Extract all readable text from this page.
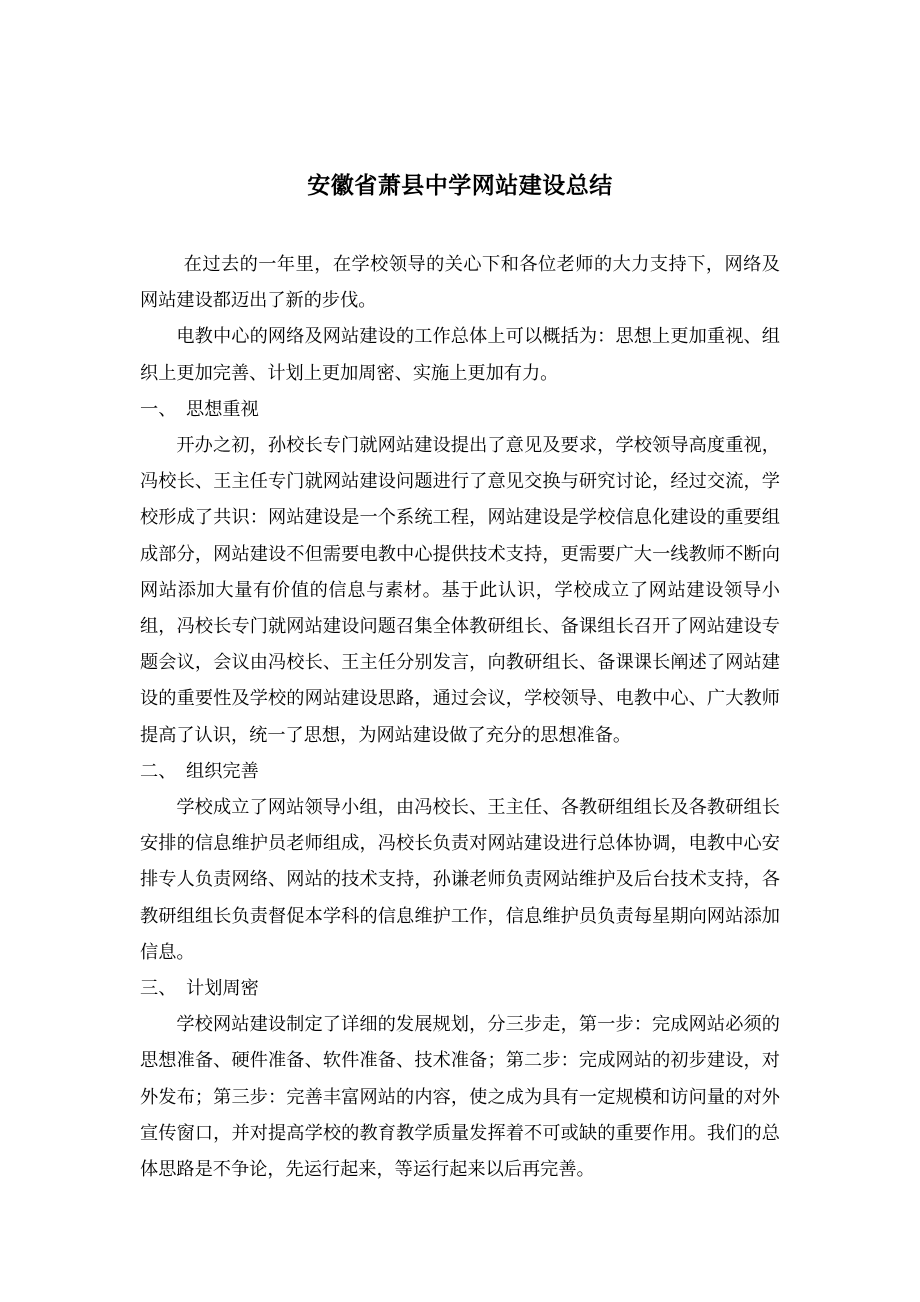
安徽省萧县中学网站建设总结

在过去的一年里，在学校领导的关心下和各位老师的大力支持下，网络及网站建设都迈出了新的步伐。

电教中心的网络及网站建设的工作总体上可以概括为：思想上更加重视、组织上更加完善、计划上更加周密、实施上更加有力。

一、 思想重视

开办之初，孙校长专门就网站建设提出了意见及要求，学校领导高度重视，冯校长、王主任专门就网站建设问题进行了意见交换与研究讨论，经过交流，学校形成了共识：网站建设是一个系统工程，网站建设是学校信息化建设的重要组成部分，网站建设不但需要电教中心提供技术支持，更需要广大一线教师不断向网站添加大量有价值的信息与素材。基于此认识，学校成立了网站建设领导小组，冯校长专门就网站建设问题召集全体教研组长、备课组长召开了网站建设专题会议，会议由冯校长、王主任分别发言，向教研组长、备课课长阐述了网站建设的重要性及学校的网站建设思路，通过会议，学校领导、电教中心、广大教师提高了认识，统一了思想，为网站建设做了充分的思想准备。

二、 组织完善

学校成立了网站领导小组，由冯校长、王主任、各教研组组长及各教研组长安排的信息维护员老师组成，冯校长负责对网站建设进行总体协调，电教中心安排专人负责网络、网站的技术支持，孙谦老师负责网站维护及后台技术支持，各教研组组长负责督促本学科的信息维护工作，信息维护员负责每星期向网站添加信息。

三、 计划周密

学校网站建设制定了详细的发展规划，分三步走，第一步：完成网站必须的思想准备、硬件准备、软件准备、技术准备；第二步：完成网站的初步建设，对外发布；第三步：完善丰富网站的内容，使之成为具有一定规模和访问量的对外宣传窗口，并对提高学校的教育教学质量发挥着不可或缺的重要作用。我们的总体思路是不争论，先运行起来，等运行起来以后再完善。
